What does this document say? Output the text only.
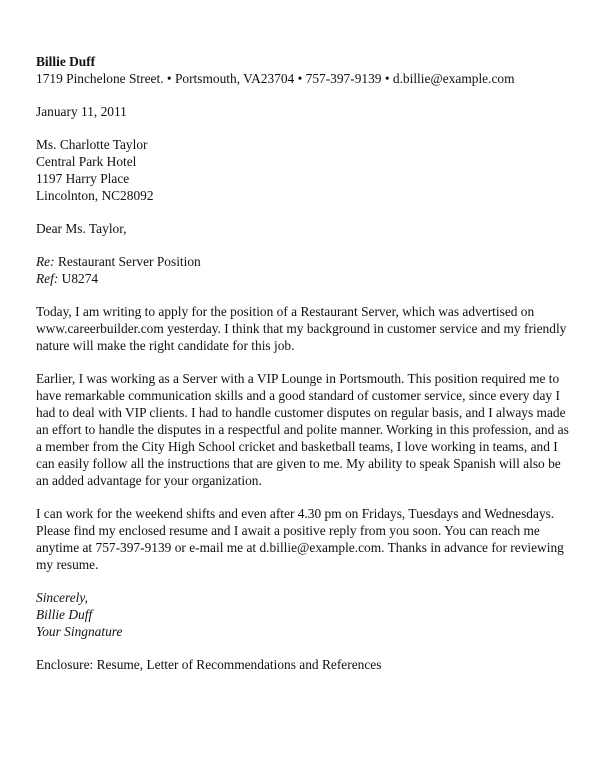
Billie Duff

1719 Pinchelone Street. • Portsmouth, VA23704 • 757-397-9139 • d.billie@example.com

January 11, 2011

Ms. Charlotte Taylor

Central Park Hotel

1197 Harry Place

Lincolnton, NC28092

Dear Ms. Taylor,

Re: Restaurant Server Position

Ref: U8274

Today, I am writing to apply for the position of a Restaurant Server, which was advertised on

www.careerbuilder.com yesterday. I think that my background in customer service and my friendly

nature will make the right candidate for this job.

Earlier, I was working as a Server with a VIP Lounge in Portsmouth. This position required me to

have remarkable communication skills and a good standard of customer service, since every day I

had to deal with VIP clients. I had to handle customer disputes on regular basis, and I always made

an effort to handle the disputes in a respectful and polite manner. Working in this profession, and as

a member from the City High School cricket and basketball teams, I love working in teams, and I

can easily follow all the instructions that are given to me. My ability to speak Spanish will also be

an added advantage for your organization.

I can work for the weekend shifts and even after 4.30 pm on Fridays, Tuesdays and Wednesdays.

Please find my enclosed resume and I await a positive reply from you soon. You can reach me

anytime at 757-397-9139 or e-mail me at d.billie@example.com. Thanks in advance for reviewing

my resume.

Sincerely,

Billie Duff

Your Singnature

Enclosure: Resume, Letter of Recommendations and References
